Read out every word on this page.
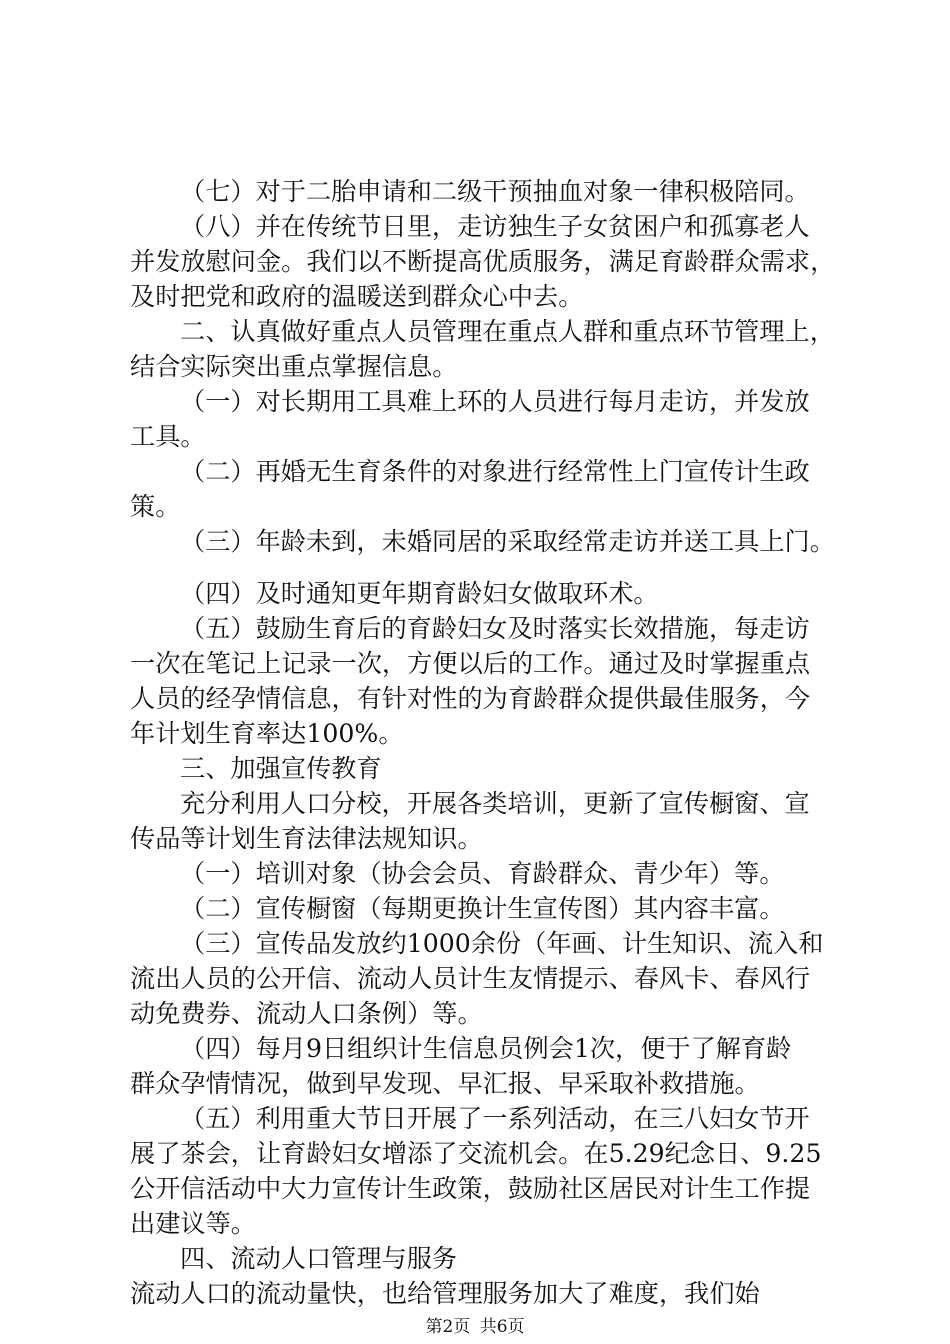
（七）对于二胎申请和二级干预抽血对象一律积极陪同。
（八）并在传统节日里，走访独生子女贫困户和孤寡老人
并发放慰问金。我们以不断提高优质服务，满足育龄群众需求，
及时把党和政府的温暖送到群众心中去。
二、认真做好重点人员管理在重点人群和重点环节管理上，
结合实际突出重点掌握信息。
（一）对长期用工具难上环的人员进行每月走访，并发放
工具。
（二）再婚无生育条件的对象进行经常性上门宣传计生政
策。
（三）年龄未到，未婚同居的采取经常走访并送工具上门。
（四）及时通知更年期育龄妇女做取环术。
（五）鼓励生育后的育龄妇女及时落实长效措施，每走访
一次在笔记上记录一次，方便以后的工作。通过及时掌握重点
人员的经孕情信息，有针对性的为育龄群众提供最佳服务，今
年计划生育率达100%。
三、加强宣传教育
充分利用人口分校，开展各类培训，更新了宣传橱窗、宣
传品等计划生育法律法规知识。
（一）培训对象（协会会员、育龄群众、青少年）等。
（二）宣传橱窗（每期更换计生宣传图）其内容丰富。
（三）宣传品发放约1000余份（年画、计生知识、流入和
流出人员的公开信、流动人员计生友情提示、春风卡、春风行
动免费券、流动人口条例）等。
（四）每月9日组织计生信息员例会1次，便于了解育龄
群众孕情情况，做到早发现、早汇报、早采取补救措施。
（五）利用重大节日开展了一系列活动，在三八妇女节开
展了茶会，让育龄妇女增添了交流机会。在5.29纪念日、9.25
公开信活动中大力宣传计生政策，鼓励社区居民对计生工作提
出建议等。
四、流动人口管理与服务
流动人口的流动量快，也给管理服务加大了难度，我们始
第2页 共6页
